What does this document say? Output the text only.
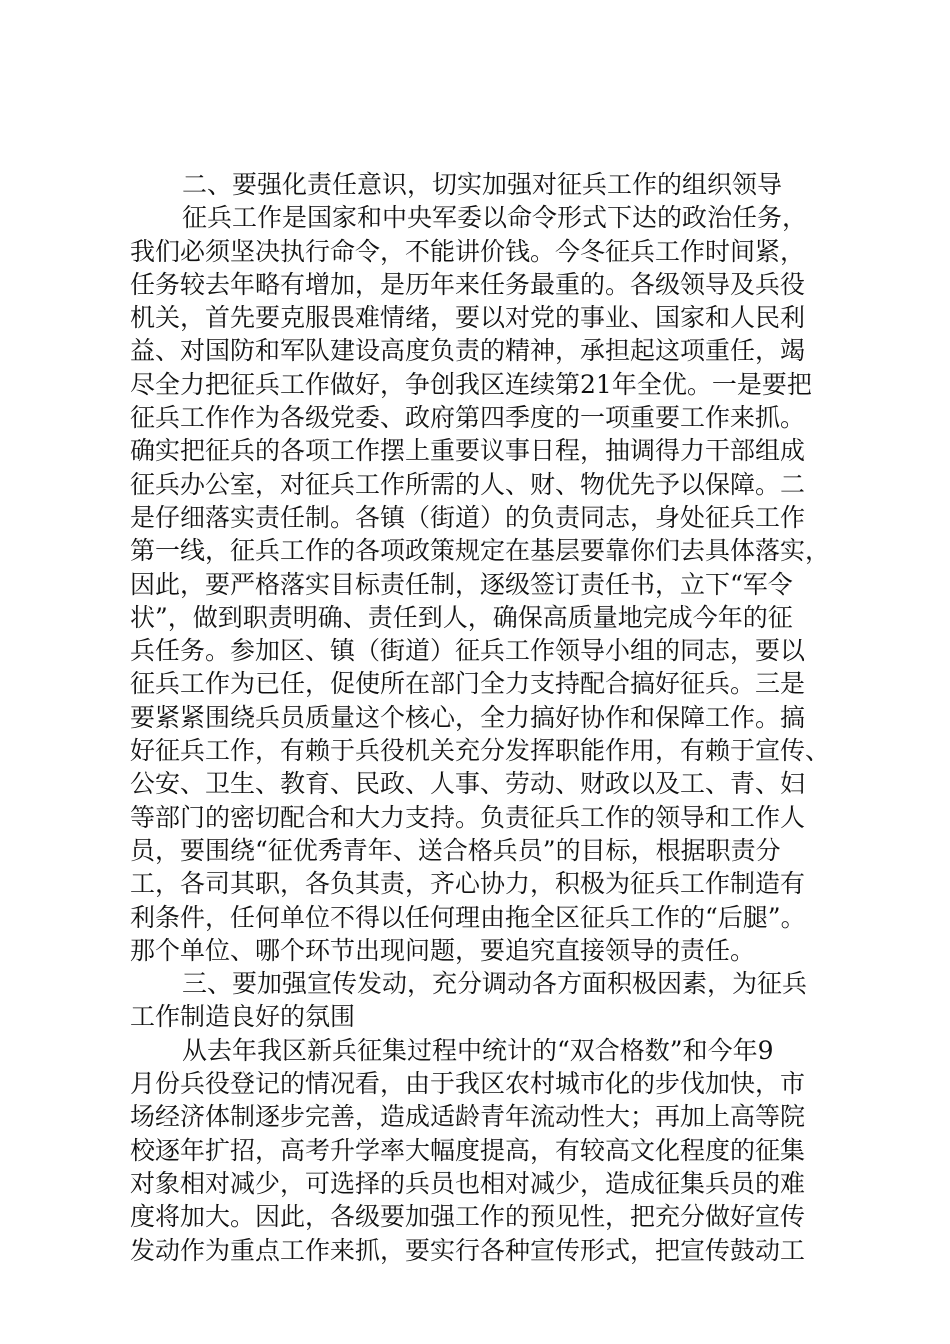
二、要强化责任意识，切实加强对征兵工作的组织领导
征兵工作是国家和中央军委以命令形式下达的政治任务，
我们必须坚决执行命令，不能讲价钱。今冬征兵工作时间紧，
任务较去年略有增加，是历年来任务最重的。各级领导及兵役
机关，首先要克服畏难情绪，要以对党的事业、国家和人民利
益、对国防和军队建设高度负责的精神，承担起这项重任，竭
尽全力把征兵工作做好，争创我区连续第21年全优。一是要把
征兵工作作为各级党委、政府第四季度的一项重要工作来抓。
确实把征兵的各项工作摆上重要议事日程，抽调得力干部组成
征兵办公室，对征兵工作所需的人、财、物优先予以保障。二
是仔细落实责任制。各镇（街道）的负责同志，身处征兵工作
第一线，征兵工作的各项政策规定在基层要靠你们去具体落实，
因此，要严格落实目标责任制，逐级签订责任书，立下“军令
状”，做到职责明确、责任到人，确保高质量地完成今年的征
兵任务。参加区、镇（街道）征兵工作领导小组的同志，要以
征兵工作为已任，促使所在部门全力支持配合搞好征兵。三是
要紧紧围绕兵员质量这个核心，全力搞好协作和保障工作。搞
好征兵工作，有赖于兵役机关充分发挥职能作用，有赖于宣传、
公安、卫生、教育、民政、人事、劳动、财政以及工、青、妇
等部门的密切配合和大力支持。负责征兵工作的领导和工作人
员，要围绕“征优秀青年、送合格兵员”的目标，根据职责分
工，各司其职，各负其责，齐心协力，积极为征兵工作制造有
利条件，任何单位不得以任何理由拖全区征兵工作的“后腿”。
那个单位、哪个环节出现问题，要追究直接领导的责任。
三、要加强宣传发动，充分调动各方面积极因素，为征兵
工作制造良好的氛围
从去年我区新兵征集过程中统计的“双合格数”和今年9
月份兵役登记的情况看，由于我区农村城市化的步伐加快，市
场经济体制逐步完善，造成适龄青年流动性大；再加上高等院
校逐年扩招，高考升学率大幅度提高，有较高文化程度的征集
对象相对减少，可选择的兵员也相对减少，造成征集兵员的难
度将加大。因此，各级要加强工作的预见性，把充分做好宣传
发动作为重点工作来抓，要实行各种宣传形式，把宣传鼓动工
